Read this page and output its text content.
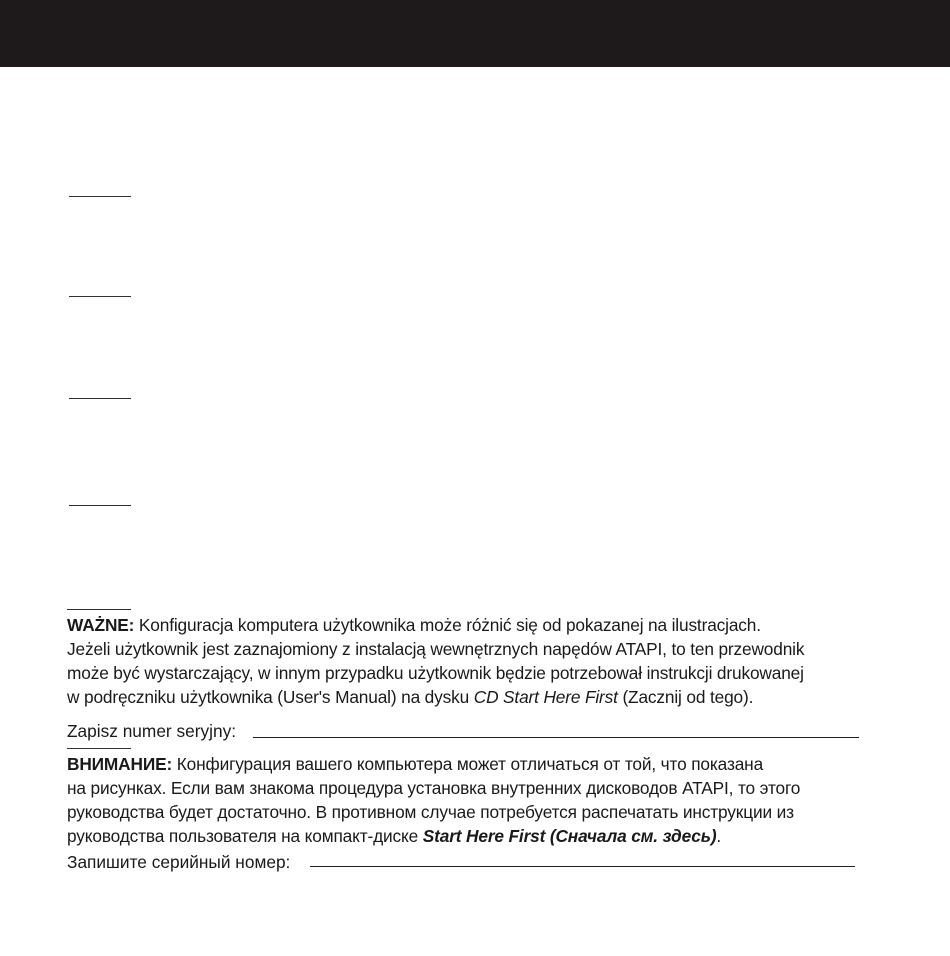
WAŻNE: Konfiguracja komputera użytkownika może różnić się od pokazanej na ilustracjach.

Jeżeli użytkownik jest zaznajomiony z instalacją wewnętrznych napędów ATAPI, to ten przewodnik

może być wystarczający, w innym przypadku użytkownik będzie potrzebował instrukcji drukowanej

w podręczniku użytkownika (User's Manual) na dysku CD Start Here First (Zacznij od tego).

Zapisz numer seryjny:

ВНИМАНИЕ: Конфигурация вашего компьютера может отличаться от той, что показана

на рисунках. Если вам знакома процедура установка внутренних дисководов ATAPI, то этого

руководства будет достаточно. В противном случае потребуется распечатать инструкции из

руководства пользователя на компакт-диске Start Here First (Сначала см. здесь).

Запишите серийный номер:
